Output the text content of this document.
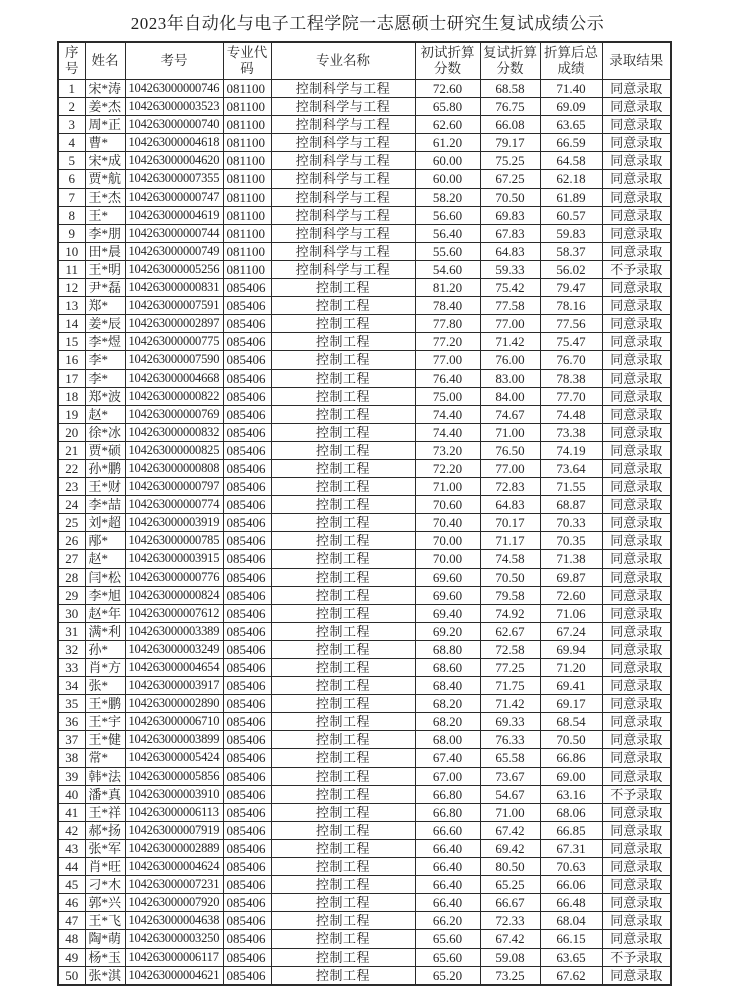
2023年自动化与电子工程学院一志愿硕士研究生复试成绩公示
序号	姓名	考号	专业代码	专业名称	初试折算分数	复试折算分数	折算后总成绩	录取结果
1	宋*涛	104263000000746	081100	控制科学与工程	72.60	68.58	71.40	同意录取
2	姜*杰	104263000003523	081100	控制科学与工程	65.80	76.75	69.09	同意录取
3	周*正	104263000000740	081100	控制科学与工程	62.60	66.08	63.65	同意录取
4	曹*	104263000004618	081100	控制科学与工程	61.20	79.17	66.59	同意录取
5	宋*成	104263000004620	081100	控制科学与工程	60.00	75.25	64.58	同意录取
6	贾*航	104263000007355	081100	控制科学与工程	60.00	67.25	62.18	同意录取
7	王*杰	104263000000747	081100	控制科学与工程	58.20	70.50	61.89	同意录取
8	王*	104263000004619	081100	控制科学与工程	56.60	69.83	60.57	同意录取
9	李*朋	104263000000744	081100	控制科学与工程	56.40	67.83	59.83	同意录取
10	田*晨	104263000000749	081100	控制科学与工程	55.60	64.83	58.37	同意录取
11	王*明	104263000005256	081100	控制科学与工程	54.60	59.33	56.02	不予录取
12	尹*磊	104263000000831	085406	控制工程	81.20	75.42	79.47	同意录取
13	郑*	104263000007591	085406	控制工程	78.40	77.58	78.16	同意录取
14	姜*辰	104263000002897	085406	控制工程	77.80	77.00	77.56	同意录取
15	李*煜	104263000000775	085406	控制工程	77.20	71.42	75.47	同意录取
16	李*	104263000007590	085406	控制工程	77.00	76.00	76.70	同意录取
17	李*	104263000004668	085406	控制工程	76.40	83.00	78.38	同意录取
18	郑*波	104263000000822	085406	控制工程	75.00	84.00	77.70	同意录取
19	赵*	104263000000769	085406	控制工程	74.40	74.67	74.48	同意录取
20	徐*冰	104263000000832	085406	控制工程	74.40	71.00	73.38	同意录取
21	贾*硕	104263000000825	085406	控制工程	73.20	76.50	74.19	同意录取
22	孙*鹏	104263000000808	085406	控制工程	72.20	77.00	73.64	同意录取
23	王*财	104263000000797	085406	控制工程	71.00	72.83	71.55	同意录取
24	李*喆	104263000000774	085406	控制工程	70.60	64.83	68.87	同意录取
25	刘*超	104263000003919	085406	控制工程	70.40	70.17	70.33	同意录取
26	邴*	104263000000785	085406	控制工程	70.00	71.17	70.35	同意录取
27	赵*	104263000003915	085406	控制工程	70.00	74.58	71.38	同意录取
28	闫*松	104263000000776	085406	控制工程	69.60	70.50	69.87	同意录取
29	李*旭	104263000000824	085406	控制工程	69.60	79.58	72.60	同意录取
30	赵*年	104263000007612	085406	控制工程	69.40	74.92	71.06	同意录取
31	满*利	104263000003389	085406	控制工程	69.20	62.67	67.24	同意录取
32	孙*	104263000003249	085406	控制工程	68.80	72.58	69.94	同意录取
33	肖*方	104263000004654	085406	控制工程	68.60	77.25	71.20	同意录取
34	张*	104263000003917	085406	控制工程	68.40	71.75	69.41	同意录取
35	王*鹏	104263000002890	085406	控制工程	68.20	71.42	69.17	同意录取
36	王*宇	104263000006710	085406	控制工程	68.20	69.33	68.54	同意录取
37	王*健	104263000003899	085406	控制工程	68.00	76.33	70.50	同意录取
38	常*	104263000005424	085406	控制工程	67.40	65.58	66.86	同意录取
39	韩*法	104263000005856	085406	控制工程	67.00	73.67	69.00	同意录取
40	潘*真	104263000003910	085406	控制工程	66.80	54.67	63.16	不予录取
41	王*祥	104263000006113	085406	控制工程	66.80	71.00	68.06	同意录取
42	郝*扬	104263000007919	085406	控制工程	66.60	67.42	66.85	同意录取
43	张*军	104263000002889	085406	控制工程	66.40	69.42	67.31	同意录取
44	肖*旺	104263000004624	085406	控制工程	66.40	80.50	70.63	同意录取
45	刁*木	104263000007231	085406	控制工程	66.40	65.25	66.06	同意录取
46	郭*兴	104263000007920	085406	控制工程	66.40	66.67	66.48	同意录取
47	王*飞	104263000004638	085406	控制工程	66.20	72.33	68.04	同意录取
48	陶*萌	104263000003250	085406	控制工程	65.60	67.42	66.15	同意录取
49	杨*玉	104263000006117	085406	控制工程	65.60	59.08	63.65	不予录取
50	张*淇	104263000004621	085406	控制工程	65.20	73.25	67.62	同意录取
